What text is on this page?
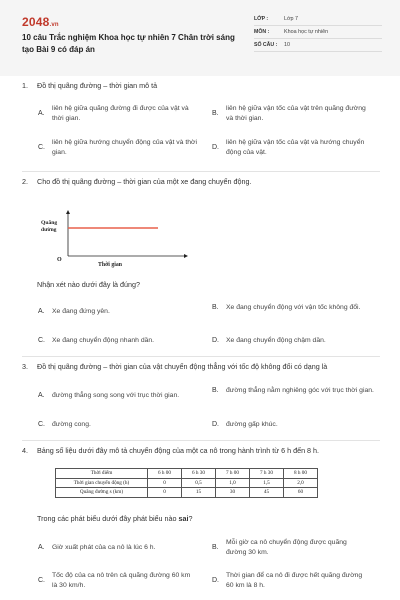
2048.vn
10 câu Trắc nghiệm Khoa học tự nhiên 7 Chân trời sáng tạo Bài 9 có đáp án
LỚP :	Lớp 7
MÔN :	Khoa học tự nhiên
SỐ CÂU :	10
1.	Đồ thị quãng đường – thời gian mô tả
A.
liên hệ giữa quãng đường đi được của vật và thời gian.
B.
liên hệ giữa vận tốc của vật trên quãng đường và thời gian.
C.
liên hệ giữa hướng chuyển động của vật và thời gian.
D.
liên hệ giữa vận tốc của vật và hướng chuyển động của vật.
2.	Cho đồ thị quãng đường – thời gian của một xe đang chuyển động.
Quãng
đường
O
Thời gian
Nhận xét nào dưới đây là đúng?
A.	Xe đang đứng yên.
B.	Xe đang chuyển động với vận tốc không đổi.
C.	Xe đang chuyển động nhanh dần.	D.	Xe đang chuyển động chậm dần.
3.	Đồ thị quãng đường – thời gian của vật chuyển động thẳng với tốc độ không đổi có dạng là
A.	đường thẳng song song với trục thời gian.
B.	đường thẳng nằm nghiêng góc với trục thời gian.
C.	đường cong.	D.	đường gấp khúc.
4.	Bảng số liệu dưới đây mô tả chuyển động của một ca nô trong hành trình từ 6 h đến 8 h.
Thời điểm	6 h 00	6 h 30	7 h 00	7 h 30	8 h 00
Thời gian chuyển động (h)	0	0,5	1,0	1,5	2,0
Quãng đường s (km)	0	15	30	45	60
Trong các phát biểu dưới đây phát biểu nào sai?
A.	Giờ xuất phát của ca nô là lúc 6 h.	B.
Mỗi giờ ca nô chuyển động được quãng đường 30 km.
C.
Tốc độ của ca nô trên cả quãng đường 60 km là 30 km/h.
D.
Thời gian để ca nô đi được hết quãng đường 60 km là 8 h.
